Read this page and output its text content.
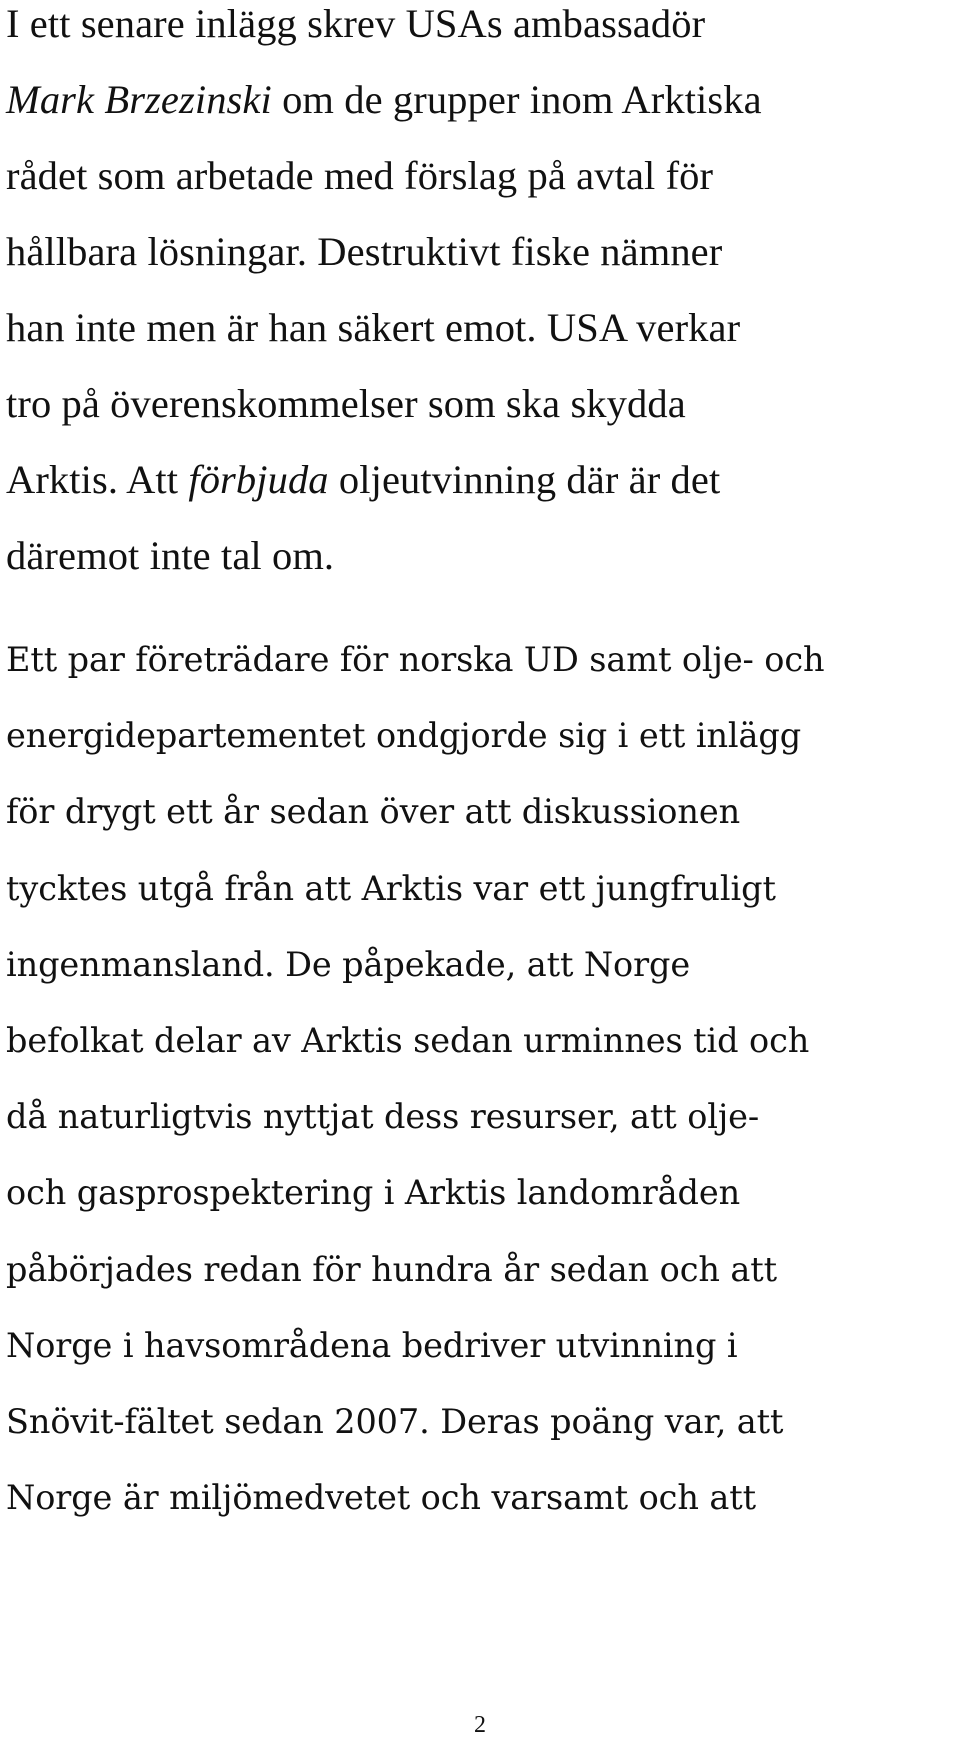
I ett senare inlägg skrev USAs ambassadör
Mark Brzezinski om de grupper inom Arktiska
rådet som arbetade med förslag på avtal för
hållbara lösningar. Destruktivt fiske nämner
han inte men är han säkert emot. USA verkar
tro på överenskommelser som ska skydda
Arktis. Att förbjuda oljeutvinning där är det
däremot inte tal om.

Ett par företrädare för norska UD samt olje- och
energidepartementet ondgjorde sig i ett inlägg
för drygt ett år sedan över att diskussionen
tycktes utgå från att Arktis var ett jungfruligt
ingenmansland. De påpekade, att Norge
befolkat delar av Arktis sedan urminnes tid och
då naturligtvis nyttjat dess resurser, att olje-
och gasprospektering i Arktis landområden
påbörjades redan för hundra år sedan och att
Norge i havsområdena bedriver utvinning i
Snövit-fältet sedan 2007. Deras poäng var, att
Norge är miljömedvetet och varsamt och att

2
